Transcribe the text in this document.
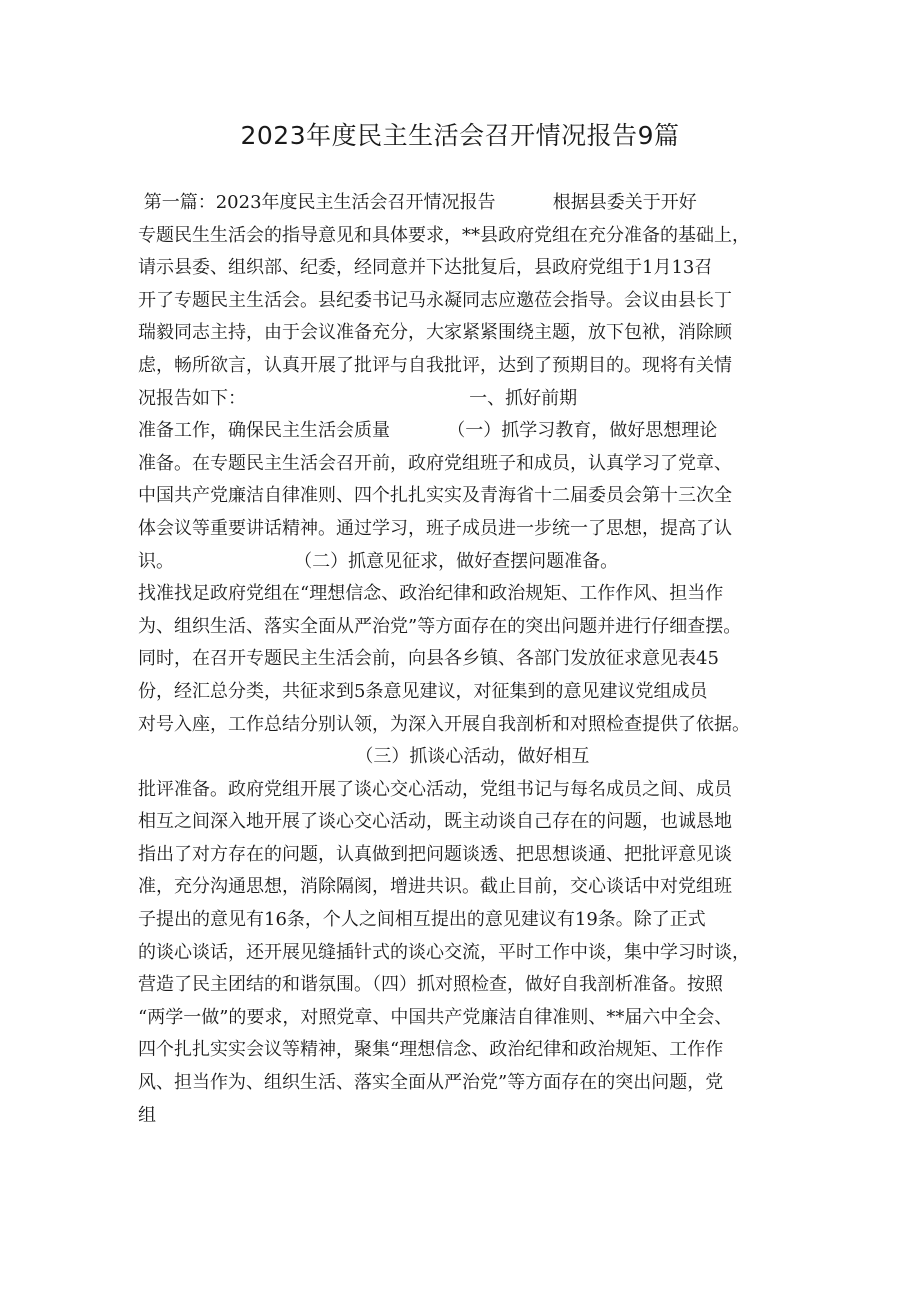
2023年度民主生活会召开情况报告9篇
第一篇：2023年度民主生活会召开情况报告          根据县委关于开好
专题民生生活会的指导意见和具体要求，**县政府党组在充分准备的基础上，
请示县委、组织部、纪委，经同意并下达批复后，县政府党组于1月13召
开了专题民主生活会。县纪委书记马永凝同志应邀莅会指导。会议由县长丁
瑞毅同志主持，由于会议准备充分，大家紧紧围绕主题，放下包袱，消除顾
虑，畅所欲言，认真开展了批评与自我批评，达到了预期目的。现将有关情
况报告如下：                                       一、抓好前期
准备工作，确保民主生活会质量          （一）抓学习教育，做好思想理论
准备。在专题民主生活会召开前，政府党组班子和成员，认真学习了党章、
中国共产党廉洁自律准则、四个扎扎实实及青海省十二届委员会第十三次全
体会议等重要讲话精神。通过学习，班子成员进一步统一了思想，提高了认
识。                     （二）抓意见征求，做好查摆问题准备。
找准找足政府党组在“理想信念、政治纪律和政治规矩、工作作风、担当作
为、组织生活、落实全面从严治党”等方面存在的突出问题并进行仔细查摆。
同时，在召开专题民主生活会前，向县各乡镇、各部门发放征求意见表45
份，经汇总分类，共征求到5条意见建议，对征集到的意见建议党组成员
对号入座，工作总结分别认领，为深入开展自我剖析和对照检查提供了依据。
（三）抓谈心活动，做好相互
批评准备。政府党组开展了谈心交心活动，党组书记与每名成员之间、成员
相互之间深入地开展了谈心交心活动，既主动谈自己存在的问题，也诚恳地
指出了对方存在的问题，认真做到把问题谈透、把思想谈通、把批评意见谈
准，充分沟通思想，消除隔阂，增进共识。截止目前，交心谈话中对党组班
子提出的意见有16条，个人之间相互提出的意见建议有19条。除了正式
的谈心谈话，还开展见缝插针式的谈心交流，平时工作中谈，集中学习时谈，
营造了民主团结的和谐氛围。（四）抓对照检查，做好自我剖析准备。按照
“两学一做”的要求，对照党章、中国共产党廉洁自律准则、**届六中全会、
四个扎扎实实会议等精神，聚集“理想信念、政治纪律和政治规矩、工作作
风、担当作为、组织生活、落实全面从严治党”等方面存在的突出问题，党
组
